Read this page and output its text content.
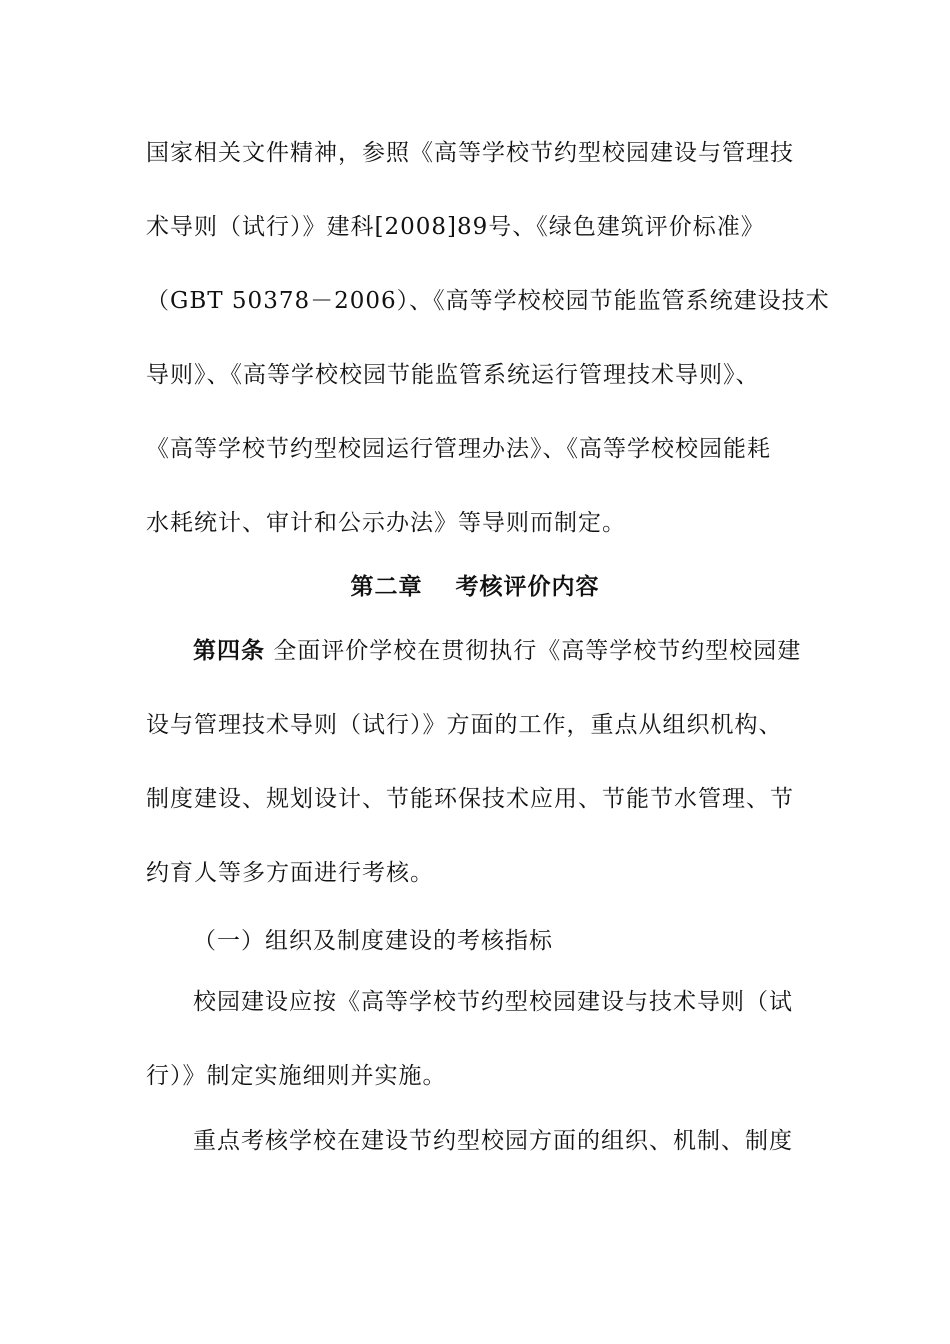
国家相关文件精神，参照《高等学校节约型校园建设与管理技
术导则（试行）》建科[2008]89号、《绿色建筑评价标准》
（GBT 50378－2006）、《高等学校校园节能监管系统建设技术
导则》、《高等学校校园节能监管系统运行管理技术导则》、
《高等学校节约型校园运行管理办法》、《高等学校校园能耗
水耗统计、审计和公示办法》等导则而制定。
第二章　 考核评价内容
第四条 全面评价学校在贯彻执行《高等学校节约型校园建
设与管理技术导则（试行）》方面的工作，重点从组织机构、
制度建设、规划设计、节能环保技术应用、节能节水管理、节
约育人等多方面进行考核。
（一）组织及制度建设的考核指标
校园建设应按《高等学校节约型校园建设与技术导则（试
行）》制定实施细则并实施。
重点考核学校在建设节约型校园方面的组织、机制、制度
